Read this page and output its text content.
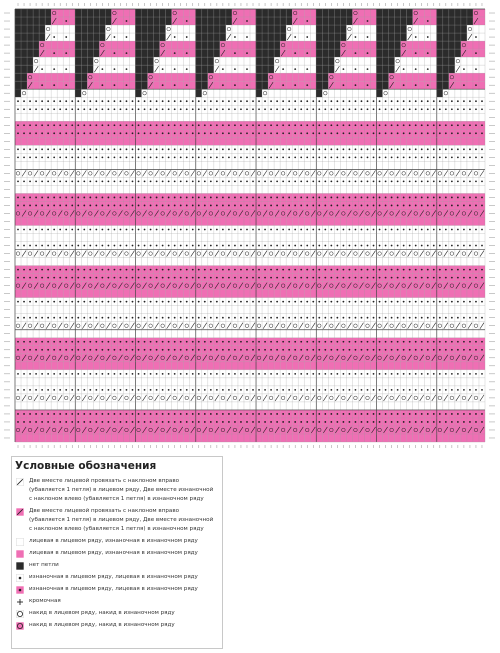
Условные обозначения
Две вместе лицевой провязать с наклоном вправо
(убавляется 1 петля) в лицевом ряду, Две вместе изнаночной
с наклоном влево (убавляется 1 петля) в изнаночном ряду
Две вместе лицевой провязать с наклоном вправо
(убавляется 1 петля) в лицевом ряду, Две вместе изнаночной
с наклоном влево (убавляется 1 петля) в изнаночном ряду
лицевая в лицевом ряду, изнаночная в изнаночном ряду
лицевая в лицевом ряду, изнаночная в изнаночном ряду
нет петли
изнаночная в лицевом ряду, лицевая в изнаночном ряду
изнаночная в лицевом ряду, лицевая в изнаночном ряду
кромочная
накид в лицевом ряду, накид в изнаночном ряду
накид в лицевом ряду, накид в изнаночном ряду
